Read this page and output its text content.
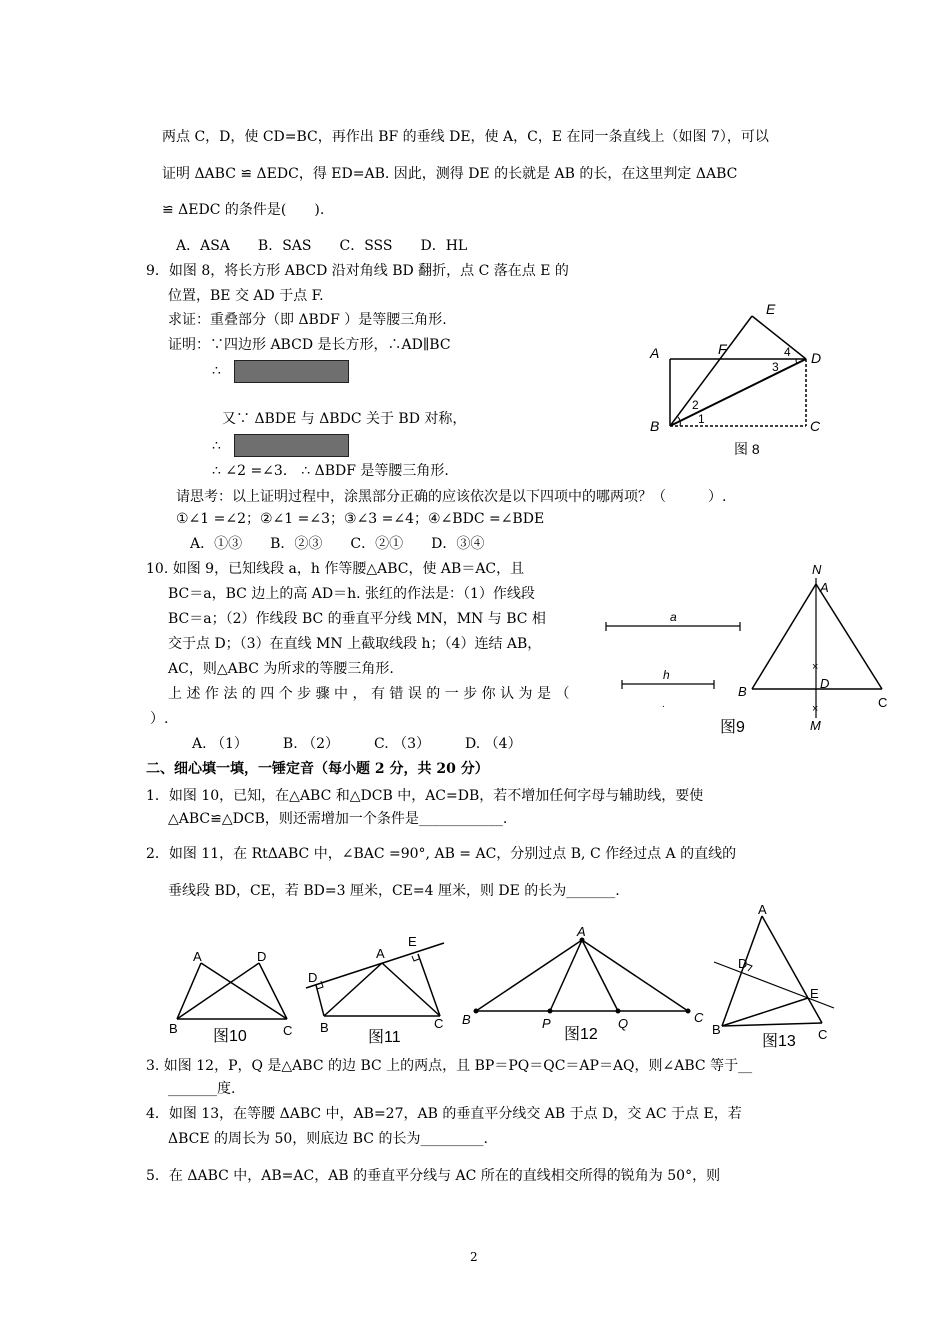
两点 C，D，使 CD=BC，再作出 BF 的垂线 DE，使 A，C，E 在同一条直线上（如图 7），可以
证明 ΔABC ≌ ΔEDC，得 ED=AB. 因此，测得 DE 的长就是 AB 的长，在这里判定 ΔABC
≌ ΔEDC 的条件是(　　).
A．ASA　　B．SAS　　C．SSS　　D．HL
9．如图 8，将长方形 ABCD 沿对角线 BD 翻折，点 C 落在点 E 的
位置，BE 交 AD 于点 F.
求证：重叠部分（即 ΔBDF ）是等腰三角形.
证明：∵四边形 ABCD 是长方形，∴AD∥BC
∴
又∵ ΔBDE 与 ΔBDC 关于 BD 对称，
∴
∴ ∠2 =∠3． ∴ ΔBDF 是等腰三角形.
请思考：以上证明过程中，涂黑部分正确的应该依次是以下四项中的哪两项？（　　　）.
①∠1 =∠2；②∠1 =∠3；③∠3 =∠4；④∠BDC =∠BDE
A．①③　　B．②③　　C．②①　　D．③④
A
B	C
D
E
F
1
2
3
4
图 8
10. 如图 9，已知线段 a，h 作等腰△ABC，使 AB＝AC，且
BC＝a，BC 边上的高 AD＝h. 张红的作法是：（1）作线段
BC＝a；（2）作线段 BC 的垂直平分线 MN，MN 与 BC 相
交于点 D；（3）在直线 MN 上截取线段 h；（4）连结 AB，
AC，则△ABC 为所求的等腰三角形.
上 述 作 法 的 四 个 步 骤 中 ， 有 错 误 的 一 步 你 认 为 是 （
）.
A. （1）　　　B. （2）　　　C. （3）　　　D. （4）
a
h
.
×
×
N
A
B
C
D
M
图9
二、细心填一填，一锤定音（每小题 2 分，共 20 分）
1．如图 10，已知，在△ABC 和△DCB 中，AC=DB，若不增加任何字母与辅助线，要使
△ABC≌△DCB，则还需增加一个条件是____________.
2．如图 11，在 RtΔABC 中，∠BAC =90°, AB = AC，分别过点 B, C 作经过点 A 的直线的
垂线段 BD，CE，若 BD=3 厘米，CE=4 厘米，则 DE 的长为_______.
A	D
B	C
图10
A
D
E
B	C
图11
A
B	C
P	Q
图12
A
D
E
B	C
图13
3. 如图 12，P，Q 是△ABC 的边 BC 上的两点，且 BP＝PQ＝QC＝AP＝AQ，则∠ABC 等于__
_______度.
4．如图 13，在等腰 ΔABC 中，AB=27，AB 的垂直平分线交 AB 于点 D，交 AC 于点 E，若
ΔBCE 的周长为 50，则底边 BC 的长为_________.
5．在 ΔABC 中，AB=AC，AB 的垂直平分线与 AC 所在的直线相交所得的锐角为 50°，则
2
